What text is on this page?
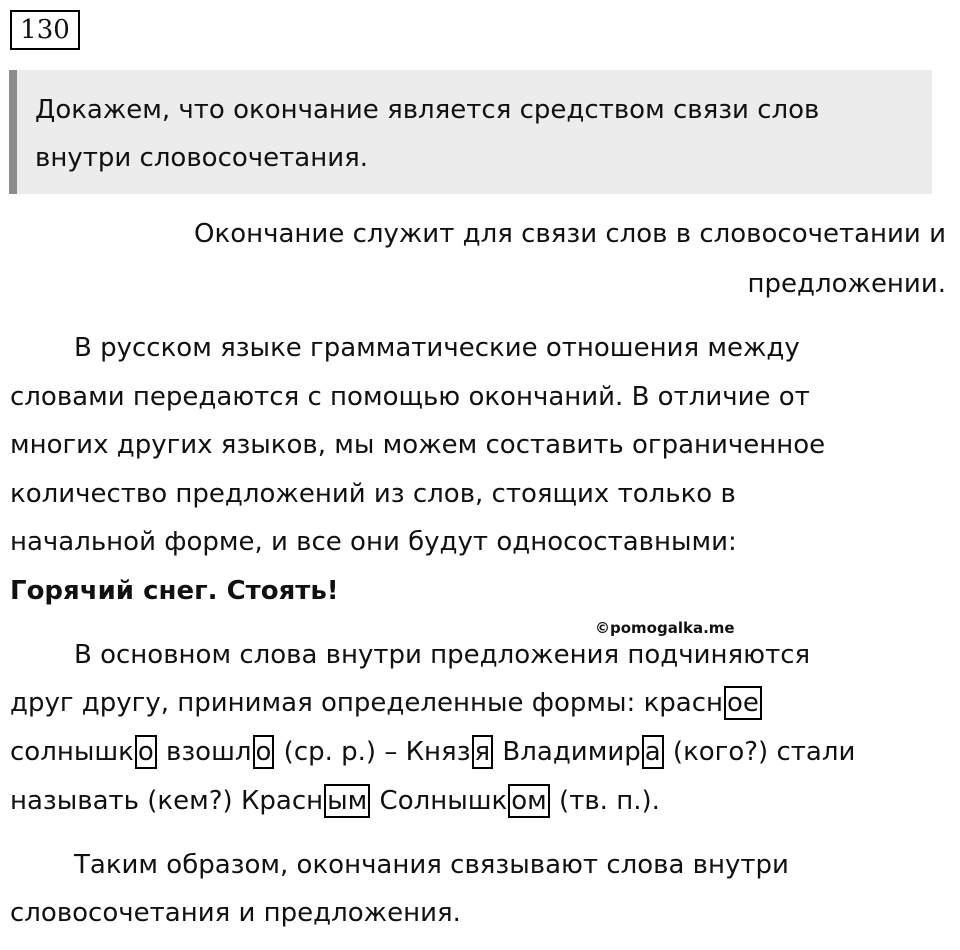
130
Докажем, что окончание является средством связи слов
внутри словосочетания.
Окончание служит для связи слов в словосочетании и
предложении.
В русском языке грамматические отношения между
словами передаются с помощью окончаний. В отличие от
многих других языков, мы можем составить ограниченное
количество предложений из слов, стоящих только в
начальной форме, и все они будут односоставными:
Горячий снег. Стоять!
©pomogalka.me
В основном слова внутри предложения подчиняются
друг другу, принимая определенные формы: красн ое
солнышк о взошл о (ср. р.) – Княз я Владимир а (кого?) стали
называть (кем?) Красн ым Солнышк ом (тв. п.).
Таким образом, окончания связывают слова внутри
словосочетания и предложения.
